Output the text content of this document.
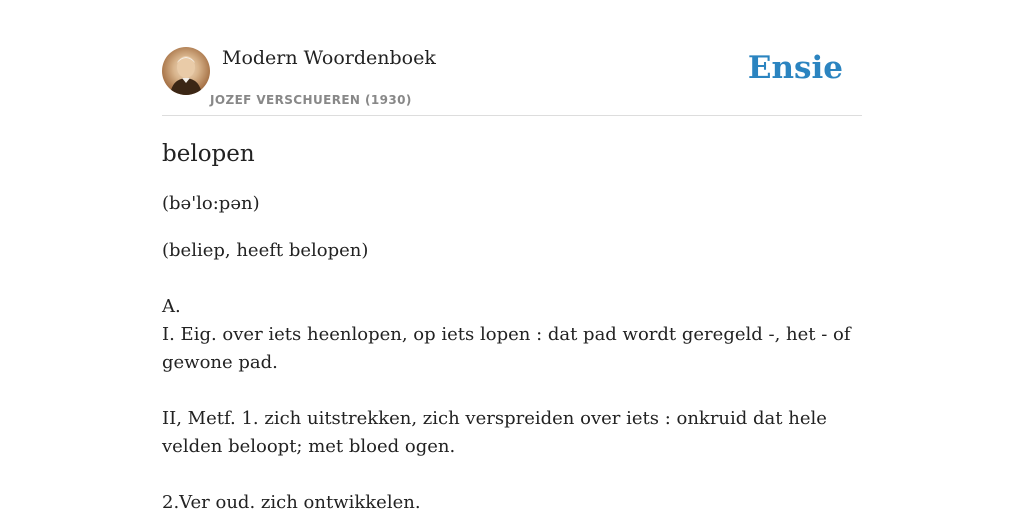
Modern Woordenboek
JOZEF VERSCHUEREN (1930)
Ensie
belopen
(bə'lo:pən)
(beliep, heeft belopen)

A.
I. Eig. over iets heenlopen, op iets lopen : dat pad wordt geregeld -, het - of gewone pad.

II, Metf. 1. zich uitstrekken, zich verspreiden over iets : onkruid dat hele velden beloopt; met bloed ogen.

2.Ver oud. zich ontwikkelen.
